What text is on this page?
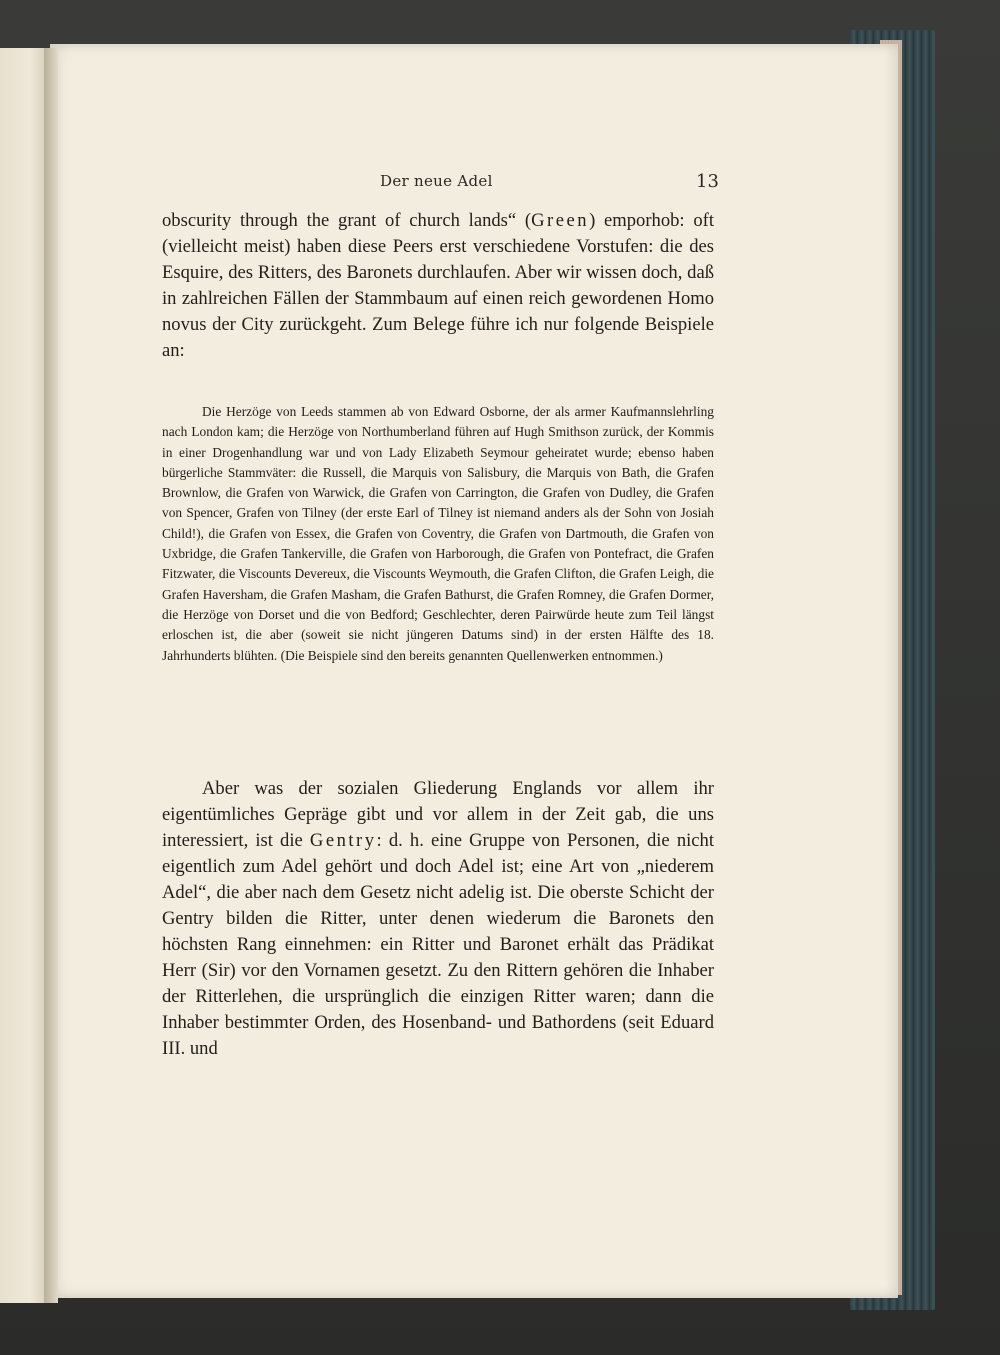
Der neue Adel	13

obscurity through the grant of church lands“ (Green) emporhob: oft (vielleicht meist) haben diese Peers erst verschiedene Vorstufen: die des Esquire, des Ritters, des Baronets durchlaufen. Aber wir wissen doch, daß in zahlreichen Fällen der Stammbaum auf einen reich gewordenen Homo novus der City zurückgeht. Zum Belege führe ich nur folgende Beispiele an:

Die Herzöge von Leeds stammen ab von Edward Osborne, der als armer Kaufmannslehrling nach London kam; die Herzöge von Northumberland führen auf Hugh Smithson zurück, der Kommis in einer Drogenhandlung war und von Lady Elizabeth Seymour geheiratet wurde; ebenso haben bürgerliche Stammväter: die Russell, die Marquis von Salisbury, die Marquis von Bath, die Grafen Brownlow, die Grafen von Warwick, die Grafen von Carrington, die Grafen von Dudley, die Grafen von Spencer, Grafen von Tilney (der erste Earl of Tilney ist niemand anders als der Sohn von Josiah Child!), die Grafen von Essex, die Grafen von Coventry, die Grafen von Dartmouth, die Grafen von Uxbridge, die Grafen Tankerville, die Grafen von Harborough, die Grafen von Pontefract, die Grafen Fitzwater, die Viscounts Devereux, die Viscounts Weymouth, die Grafen Clifton, die Grafen Leigh, die Grafen Haversham, die Grafen Masham, die Grafen Bathurst, die Grafen Romney, die Grafen Dormer, die Herzöge von Dorset und die von Bedford; Geschlechter, deren Pairwürde heute zum Teil längst erloschen ist, die aber (soweit sie nicht jüngeren Datums sind) in der ersten Hälfte des 18. Jahrhunderts blühten. (Die Beispiele sind den bereits genannten Quellenwerken entnommen.)

Aber was der sozialen Gliederung Englands vor allem ihr eigentümliches Gepräge gibt und vor allem in der Zeit gab, die uns interessiert, ist die Gentry: d. h. eine Gruppe von Personen, die nicht eigentlich zum Adel gehört und doch Adel ist; eine Art von „niederem Adel“, die aber nach dem Gesetz nicht adelig ist. Die oberste Schicht der Gentry bilden die Ritter, unter denen wiederum die Baronets den höchsten Rang einnehmen: ein Ritter und Baronet erhält das Prädikat Herr (Sir) vor den Vornamen gesetzt. Zu den Rittern gehören die Inhaber der Ritterlehen, die ursprünglich die einzigen Ritter waren; dann die Inhaber bestimmter Orden, des Hosenband- und Bathordens (seit Eduard III. und
